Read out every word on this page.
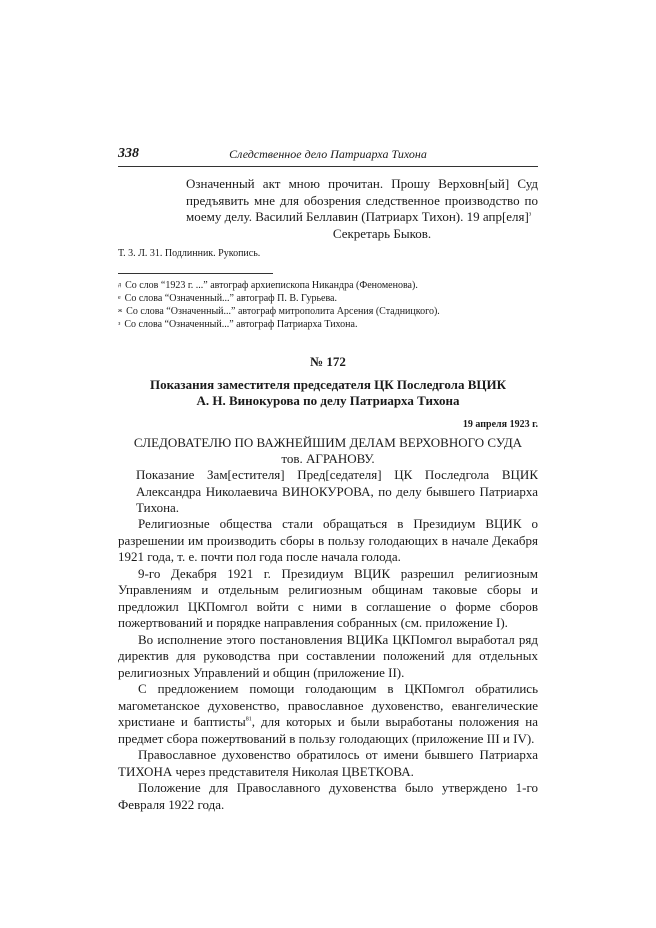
338	Следственное дело Патриарха Тихона

Означенный акт мною прочитан. Прошу Верховн[ый] Суд предъявить мне для обозрения следственное производство по моему делу. Василий Беллавин (Патриарх Тихон). 19 апр[еля]$^з$

Секретарь Быков.
Т. 3. Л. 31. Подлинник. Рукопись.
$^д$ Со слов “1923 г. ...” автограф архиепископа Никандра (Феноменова).
$^е$ Со слова “Означенный...” автограф П. В. Гурьева.
$^ж$ Со слова “Означенный...” автограф митрополита Арсения (Стадницкого).
$^з$ Со слова “Означенный...” автограф Патриарха Тихона.
№ 172
Показания заместителя председателя ЦК Последгола ВЦИК
А. Н. Винокурова по делу Патриарха Тихона
19 апреля 1923 г.
СЛЕДОВАТЕЛЮ ПО ВАЖНЕЙШИМ ДЕЛАМ ВЕРХОВНОГО СУДА
тов. АГРАНОВУ.
Показание Зам[естителя] Пред[седателя] ЦК Последгола ВЦИК Александра Николаевича ВИНОКУРОВА, по делу бывшего Патриарха Тихона.

Религиозные общества стали обращаться в Президиум ВЦИК о разрешении им производить сборы в пользу голодающих в начале Декабря 1921 года, т. е. почти пол года после начала голода.

9-го Декабря 1921 г. Президиум ВЦИК разрешил религиозным Управлениям и отдельным религиозным общинам таковые сборы и предложил ЦКПомгол войти с ними в соглашение о форме сборов пожертвований и порядке направления собранных (см. приложение I).

Во исполнение этого постановления ВЦИКа ЦКПомгол выработал ряд директив для руководства при составлении положений для отдельных религиозных Управлений и общин (приложение II).

С предложением помощи голодающим в ЦКПомгол обратились магометанское духовенство, православное духовенство, евангелические христиане и баптисты$^{81}$, для которых и были выработаны положения на предмет сбора пожертвований в пользу голодающих (приложение III и IV).

Православное духовенство обратилось от имени бывшего Патриарха ТИХОНА через представителя Николая ЦВЕТКОВА.

Положение для Православного духовенства было утверждено 1-го Февраля 1922 года.
